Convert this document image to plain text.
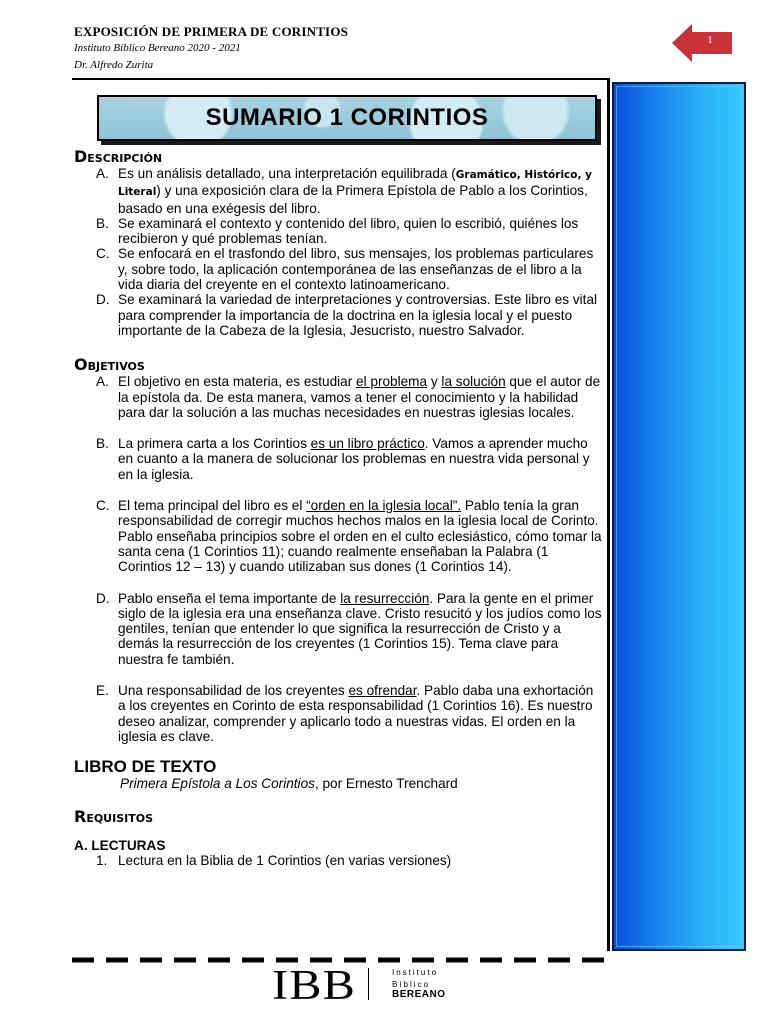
EXPOSICIÓN DE PRIMERA DE CORINTIOS
Instituto Bíblico Bereano 2020 - 2021
Dr. Alfredo Zurita
1
SUMARIO 1 CORINTIOS
Descripción
A. Es un análisis detallado, una interpretación equilibrada (Gramático, Histórico, y Literal) y una exposición clara de la Primera Epístola de Pablo a los Corintios, basado en una exégesis del libro.
B. Se examinará el contexto y contenido del libro, quien lo escribió, quiénes los recibieron y qué problemas tenían.
C. Se enfocará en el trasfondo del libro, sus mensajes, los problemas particulares y, sobre todo, la aplicación contemporánea de las enseñanzas de el libro a la vida diaria del creyente en el contexto latinoamericano.
D. Se examinará la variedad de interpretaciones y controversias. Este libro es vital para comprender la importancia de la doctrina en la iglesia local y el puesto importante de la Cabeza de la Iglesia, Jesucristo, nuestro Salvador.
Objetivos
A. El objetivo en esta materia, es estudiar el problema y la solución que el autor de la epístola da. De esta manera, vamos a tener el conocimiento y la habilidad para dar la solución a las muchas necesidades en nuestras iglesias locales.
B. La primera carta a los Corintios es un libro práctico. Vamos a aprender mucho en cuanto a la manera de solucionar los problemas en nuestra vida personal y en la iglesia.
C. El tema principal del libro es el “orden en la iglesia local”. Pablo tenía la gran responsabilidad de corregir muchos hechos malos en la iglesia local de Corinto. Pablo enseñaba principios sobre el orden en el culto eclesiástico, cómo tomar la santa cena (1 Corintios 11); cuando realmente enseñaban la Palabra (1 Corintios 12 – 13) y cuando utilizaban sus dones (1 Corintios 14).
D. Pablo enseña el tema importante de la resurrección. Para la gente en el primer siglo de la iglesia era una enseñanza clave. Cristo resucitó y los judíos como los gentiles, tenían que entender lo que significa la resurrección de Cristo y a demás la resurrección de los creyentes (1 Corintios 15). Tema clave para nuestra fe también.
E. Una responsabilidad de los creyentes es ofrendar. Pablo daba una exhortación a los creyentes en Corinto de esta responsabilidad (1 Corintios 16). Es nuestro deseo analizar, comprender y aplicarlo todo a nuestras vidas. El orden en la iglesia es clave.
LIBRO DE TEXTO
Primera Epístola a Los Corintios, por Ernesto Trenchard
Requisitos
A. LECTURAS
1. Lectura en la Biblia de 1 Corintios (en varias versiones)
IBB	Instituto
Bíblico
BEREANO
